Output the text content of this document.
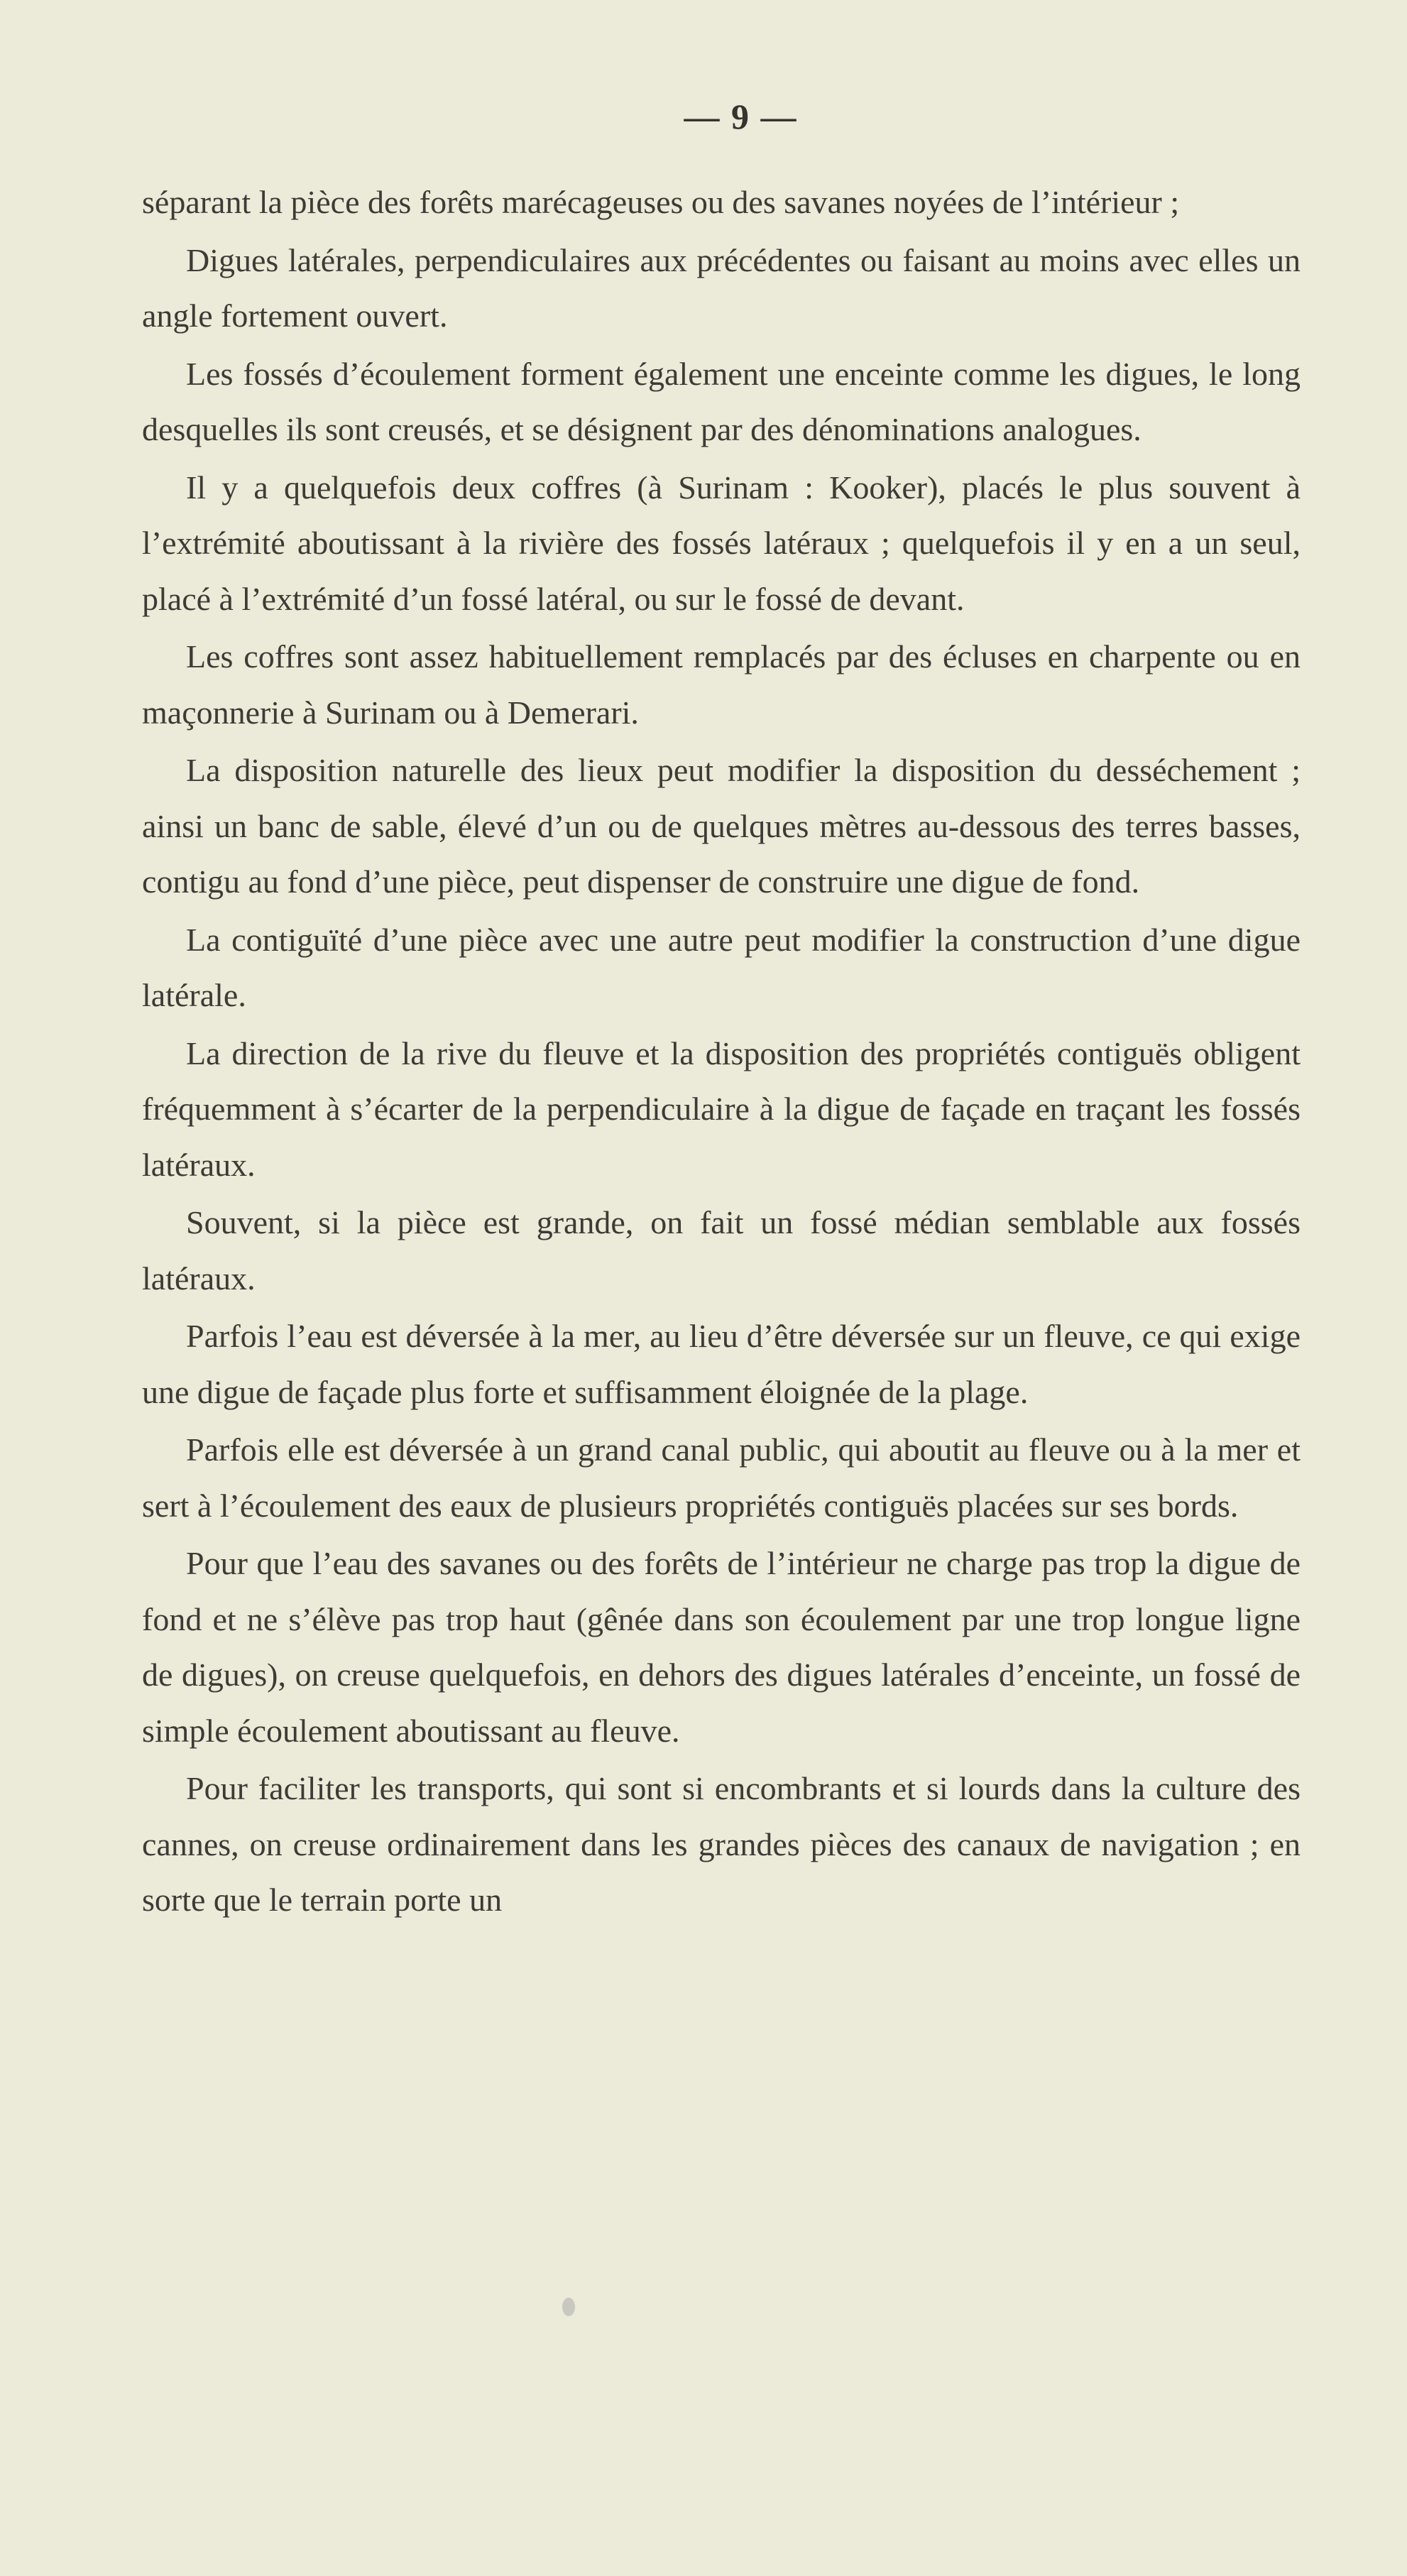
— 9 —

séparant la pièce des forêts marécageuses ou des savanes noyées de l’intérieur ;

Digues latérales, perpendiculaires aux précédentes ou faisant au moins avec elles un angle fortement ouvert.

Les fossés d’écoulement forment également une enceinte comme les digues, le long desquelles ils sont creusés, et se désignent par des dénominations analogues.

Il y a quelquefois deux coffres (à Surinam : Kooker), placés le plus souvent à l’extrémité aboutissant à la rivière des fossés latéraux ; quelquefois il y en a un seul, placé à l’extrémité d’un fossé latéral, ou sur le fossé de devant.

Les coffres sont assez habituellement remplacés par des écluses en charpente ou en maçonnerie à Surinam ou à Demerari.

La disposition naturelle des lieux peut modifier la disposition du desséchement ; ainsi un banc de sable, élevé d’un ou de quelques mètres au-dessous des terres basses, contigu au fond d’une pièce, peut dispenser de construire une digue de fond.

La contiguïté d’une pièce avec une autre peut modifier la construction d’une digue latérale.

La direction de la rive du fleuve et la disposition des propriétés contiguës obligent fréquemment à s’écarter de la perpendiculaire à la digue de façade en traçant les fossés latéraux.

Souvent, si la pièce est grande, on fait un fossé médian semblable aux fossés latéraux.

Parfois l’eau est déversée à la mer, au lieu d’être déversée sur un fleuve, ce qui exige une digue de façade plus forte et suffisamment éloignée de la plage.

Parfois elle est déversée à un grand canal public, qui aboutit au fleuve ou à la mer et sert à l’écoulement des eaux de plusieurs propriétés contiguës placées sur ses bords.

Pour que l’eau des savanes ou des forêts de l’intérieur ne charge pas trop la digue de fond et ne s’élève pas trop haut (gênée dans son écoulement par une trop longue ligne de digues), on creuse quelquefois, en dehors des digues latérales d’enceinte, un fossé de simple écoulement aboutissant au fleuve.

Pour faciliter les transports, qui sont si encombrants et si lourds dans la culture des cannes, on creuse ordinairement dans les grandes pièces des canaux de navigation ; en sorte que le terrain porte un
